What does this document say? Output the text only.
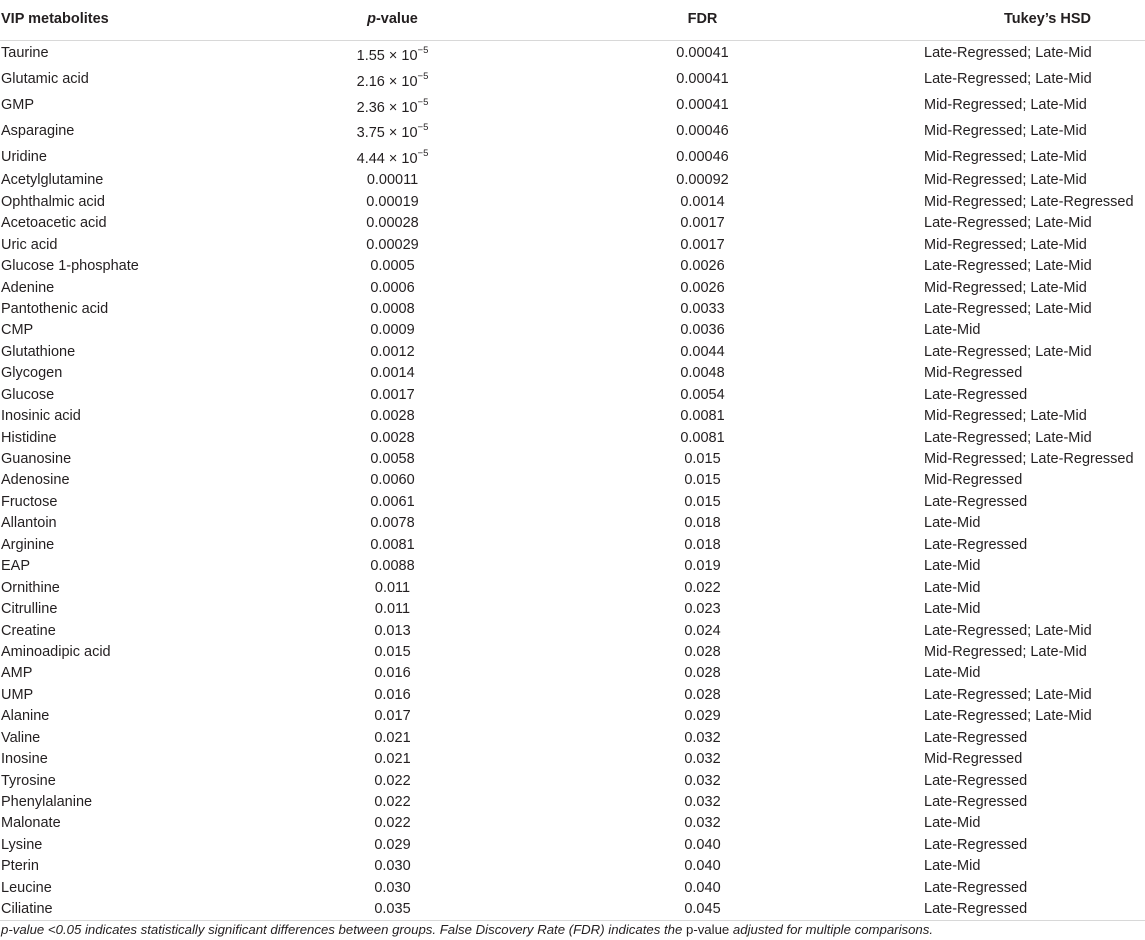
VIP metabolites	p-value	FDR	Tukey’s HSD
Taurine	$1.55 \times 10^{-5}$	0.00041	Late-Regressed; Late-Mid
Glutamic acid	$2.16 \times 10^{-5}$	0.00041	Late-Regressed; Late-Mid
GMP	$2.36 \times 10^{-5}$	0.00041	Mid-Regressed; Late-Mid
Asparagine	$3.75 \times 10^{-5}$	0.00046	Mid-Regressed; Late-Mid
Uridine	$4.44 \times 10^{-5}$	0.00046	Mid-Regressed; Late-Mid
Acetylglutamine	0.00011	0.00092	Mid-Regressed; Late-Mid
Ophthalmic acid	0.00019	0.0014	Mid-Regressed; Late-Regressed
Acetoacetic acid	0.00028	0.0017	Late-Regressed; Late-Mid
Uric acid	0.00029	0.0017	Mid-Regressed; Late-Mid
Glucose 1-phosphate	0.0005	0.0026	Late-Regressed; Late-Mid
Adenine	0.0006	0.0026	Mid-Regressed; Late-Mid
Pantothenic acid	0.0008	0.0033	Late-Regressed; Late-Mid
CMP	0.0009	0.0036	Late-Mid
Glutathione	0.0012	0.0044	Late-Regressed; Late-Mid
Glycogen	0.0014	0.0048	Mid-Regressed
Glucose	0.0017	0.0054	Late-Regressed
Inosinic acid	0.0028	0.0081	Mid-Regressed; Late-Mid
Histidine	0.0028	0.0081	Late-Regressed; Late-Mid
Guanosine	0.0058	0.015	Mid-Regressed; Late-Regressed
Adenosine	0.0060	0.015	Mid-Regressed
Fructose	0.0061	0.015	Late-Regressed
Allantoin	0.0078	0.018	Late-Mid
Arginine	0.0081	0.018	Late-Regressed
EAP	0.0088	0.019	Late-Mid
Ornithine	0.011	0.022	Late-Mid
Citrulline	0.011	0.023	Late-Mid
Creatine	0.013	0.024	Late-Regressed; Late-Mid
Aminoadipic acid	0.015	0.028	Mid-Regressed; Late-Mid
AMP	0.016	0.028	Late-Mid
UMP	0.016	0.028	Late-Regressed; Late-Mid
Alanine	0.017	0.029	Late-Regressed; Late-Mid
Valine	0.021	0.032	Late-Regressed
Inosine	0.021	0.032	Mid-Regressed
Tyrosine	0.022	0.032	Late-Regressed
Phenylalanine	0.022	0.032	Late-Regressed
Malonate	0.022	0.032	Late-Mid
Lysine	0.029	0.040	Late-Regressed
Pterin	0.030	0.040	Late-Mid
Leucine	0.030	0.040	Late-Regressed
Ciliatine	0.035	0.045	Late-Regressed
p-value <0.05 indicates statistically significant differences between groups. False Discovery Rate (FDR) indicates the p-value adjusted for multiple comparisons.
